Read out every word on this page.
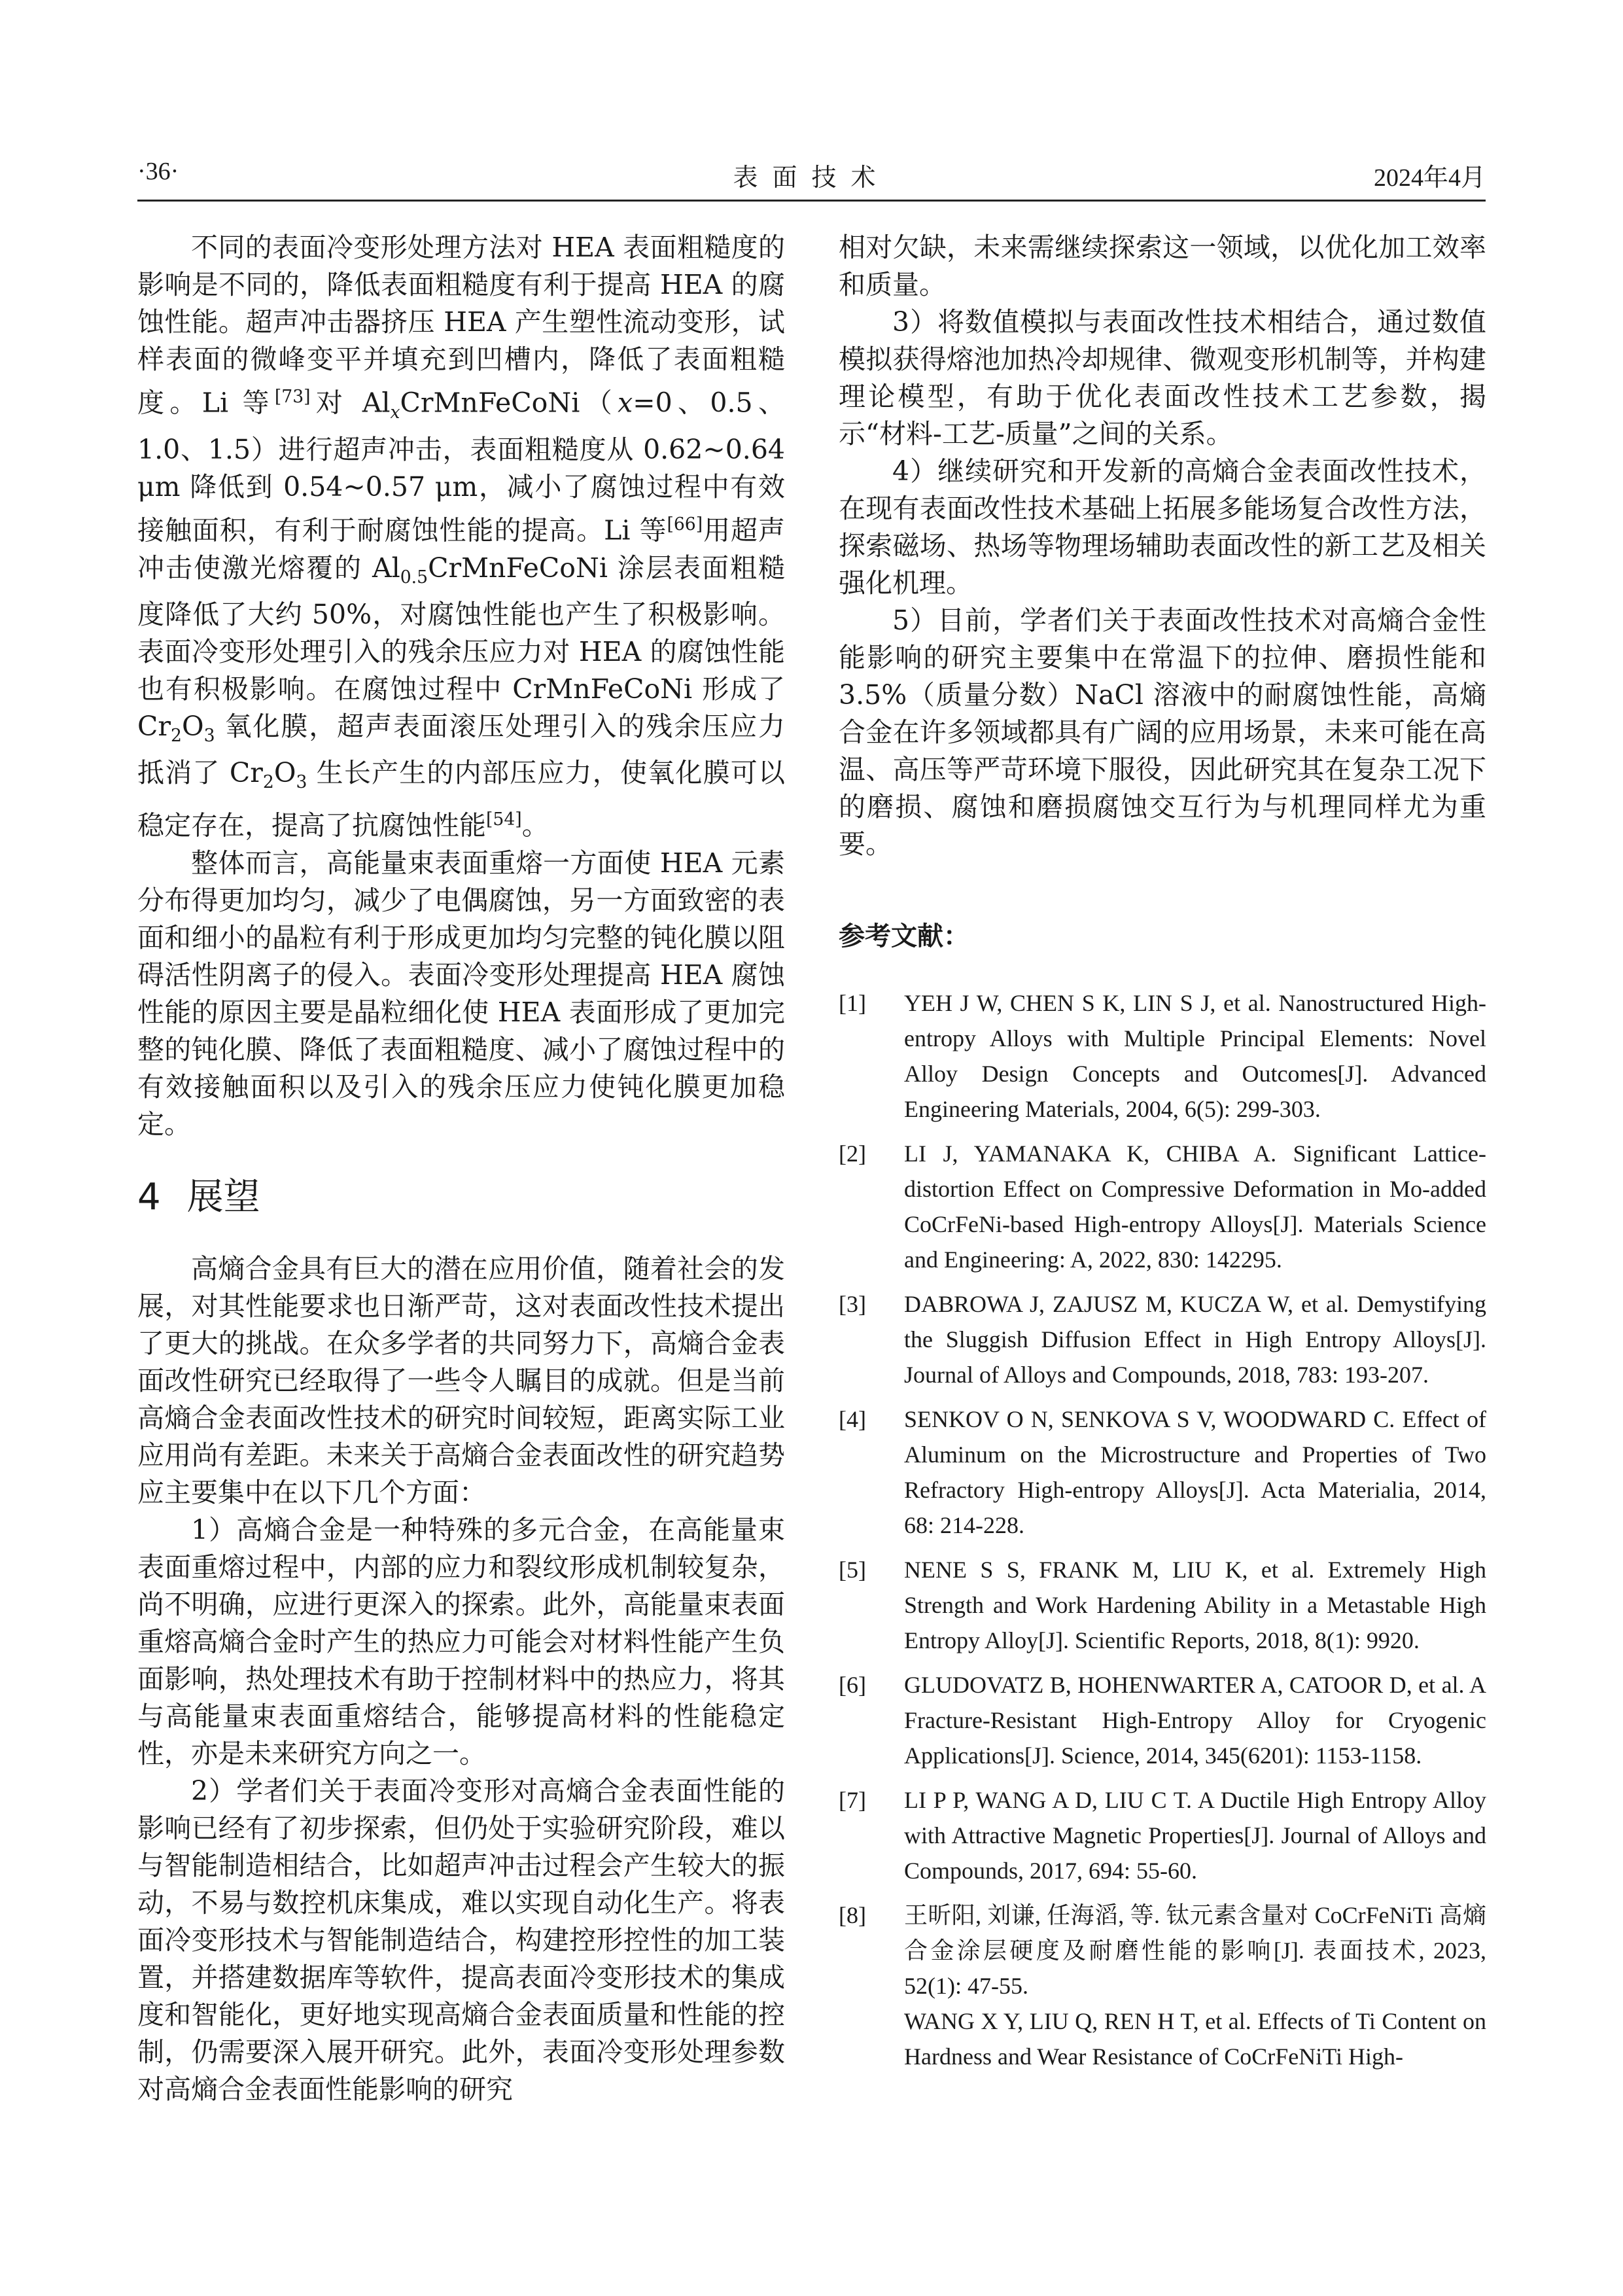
·36·	表面技术	2024年4月

不同的表面冷变形处理方法对 HEA 表面粗糙度的影响是不同的，降低表面粗糙度有利于提高 HEA 的腐蚀性能。超声冲击器挤压 HEA 产生塑性流动变形，试样表面的微峰变平并填充到凹槽内，降低了表面粗糙度。Li 等[73]对 $Al_xCrMnFeCoNi(x=0$、0.5、1.0、1.5）进行超声冲击，表面粗糙度从 0.62~0.64 μm 降低到 0.54~0.57 μm，减小了腐蚀过程中有效接触面积，有利于耐腐蚀性能的提高。Li 等[66]用超声冲击使激光熔覆的 $Al_{0.5}CrMnFeCoNi$ 涂层表面粗糙度降低了大约 50%，对腐蚀性能也产生了积极影响。表面冷变形处理引入的残余压应力对 HEA 的腐蚀性能也有积极影响。在腐蚀过程中 CrMnFeCoNi 形成了 $Cr_2O_3$ 氧化膜，超声表面滚压处理引入的残余压应力抵消了 $Cr_2O_3$ 生长产生的内部压应力，使氧化膜可以稳定存在，提高了抗腐蚀性能[54]。

整体而言，高能量束表面重熔一方面使 HEA 元素分布得更加均匀，减少了电偶腐蚀，另一方面致密的表面和细小的晶粒有利于形成更加均匀完整的钝化膜以阻碍活性阴离子的侵入。表面冷变形处理提高 HEA 腐蚀性能的原因主要是晶粒细化使 HEA 表面形成了更加完整的钝化膜、降低了表面粗糙度、减小了腐蚀过程中的有效接触面积以及引入的残余压应力使钝化膜更加稳定。

4 展望

高熵合金具有巨大的潜在应用价值，随着社会的发展，对其性能要求也日渐严苛，这对表面改性技术提出了更大的挑战。在众多学者的共同努力下，高熵合金表面改性研究已经取得了一些令人瞩目的成就。但是当前高熵合金表面改性技术的研究时间较短，距离实际工业应用尚有差距。未来关于高熵合金表面改性的研究趋势应主要集中在以下几个方面：

1）高熵合金是一种特殊的多元合金，在高能量束表面重熔过程中，内部的应力和裂纹形成机制较复杂，尚不明确，应进行更深入的探索。此外，高能量束表面重熔高熵合金时产生的热应力可能会对材料性能产生负面影响，热处理技术有助于控制材料中的热应力，将其与高能量束表面重熔结合，能够提高材料的性能稳定性，亦是未来研究方向之一。

2）学者们关于表面冷变形对高熵合金表面性能的影响已经有了初步探索，但仍处于实验研究阶段，难以与智能制造相结合，比如超声冲击过程会产生较大的振动，不易与数控机床集成，难以实现自动化生产。将表面冷变形技术与智能制造结合，构建控形控性的加工装置，并搭建数据库等软件，提高表面冷变形技术的集成度和智能化，更好地实现高熵合金表面质量和性能的控制，仍需要深入展开研究。此外，表面冷变形处理参数对高熵合金表面性能影响的研究

相对欠缺，未来需继续探索这一领域，以优化加工效率和质量。

3）将数值模拟与表面改性技术相结合，通过数值模拟获得熔池加热冷却规律、微观变形机制等，并构建理论模型，有助于优化表面改性技术工艺参数，揭示“材料-工艺-质量”之间的关系。

4）继续研究和开发新的高熵合金表面改性技术，在现有表面改性技术基础上拓展多能场复合改性方法，探索磁场、热场等物理场辅助表面改性的新工艺及相关强化机理。

5）目前，学者们关于表面改性技术对高熵合金性能影响的研究主要集中在常温下的拉伸、磨损性能和 3.5%（质量分数）NaCl 溶液中的耐腐蚀性能，高熵合金在许多领域都具有广阔的应用场景，未来可能在高温、高压等严苛环境下服役，因此研究其在复杂工况下的磨损、腐蚀和磨损腐蚀交互行为与机理同样尤为重要。

参考文献：
[1] YEH J W, CHEN S K, LIN S J, et al. Nanostructured High-entropy Alloys with Multiple Principal Elements: Novel Alloy Design Concepts and Outcomes[J]. Advanced Engineering Materials, 2004, 6(5): 299-303.
[2] LI J, YAMANAKA K, CHIBA A. Significant Lattice-distortion Effect on Compressive Deformation in Mo-added CoCrFeNi-based High-entropy Alloys[J]. Materials Science and Engineering: A, 2022, 830: 142295.
[3] DABROWA J, ZAJUSZ M, KUCZA W, et al. Demystifying the Sluggish Diffusion Effect in High Entropy Alloys[J]. Journal of Alloys and Compounds, 2018, 783: 193-207.
[4] SENKOV O N, SENKOVA S V, WOODWARD C. Effect of Aluminum on the Microstructure and Properties of Two Refractory High-entropy Alloys[J]. Acta Materialia, 2014, 68: 214-228.
[5] NENE S S, FRANK M, LIU K, et al. Extremely High Strength and Work Hardening Ability in a Metastable High Entropy Alloy[J]. Scientific Reports, 2018, 8(1): 9920.
[6] GLUDOVATZ B, HOHENWARTER A, CATOOR D, et al. A Fracture-Resistant High-Entropy Alloy for Cryogenic Applications[J]. Science, 2014, 345(6201): 1153-1158.
[7] LI P P, WANG A D, LIU C T. A Ductile High Entropy Alloy with Attractive Magnetic Properties[J]. Journal of Alloys and Compounds, 2017, 694: 55-60.
[8] 王昕阳, 刘谦, 任海滔, 等. 钛元素含量对 CoCrFeNiTi 高熵合金涂层硬度及耐磨性能的影响[J]. 表面技术, 2023, 52(1): 47-55.
WANG X Y, LIU Q, REN H T, et al. Effects of Ti Content on Hardness and Wear Resistance of CoCrFeNiTi High-
